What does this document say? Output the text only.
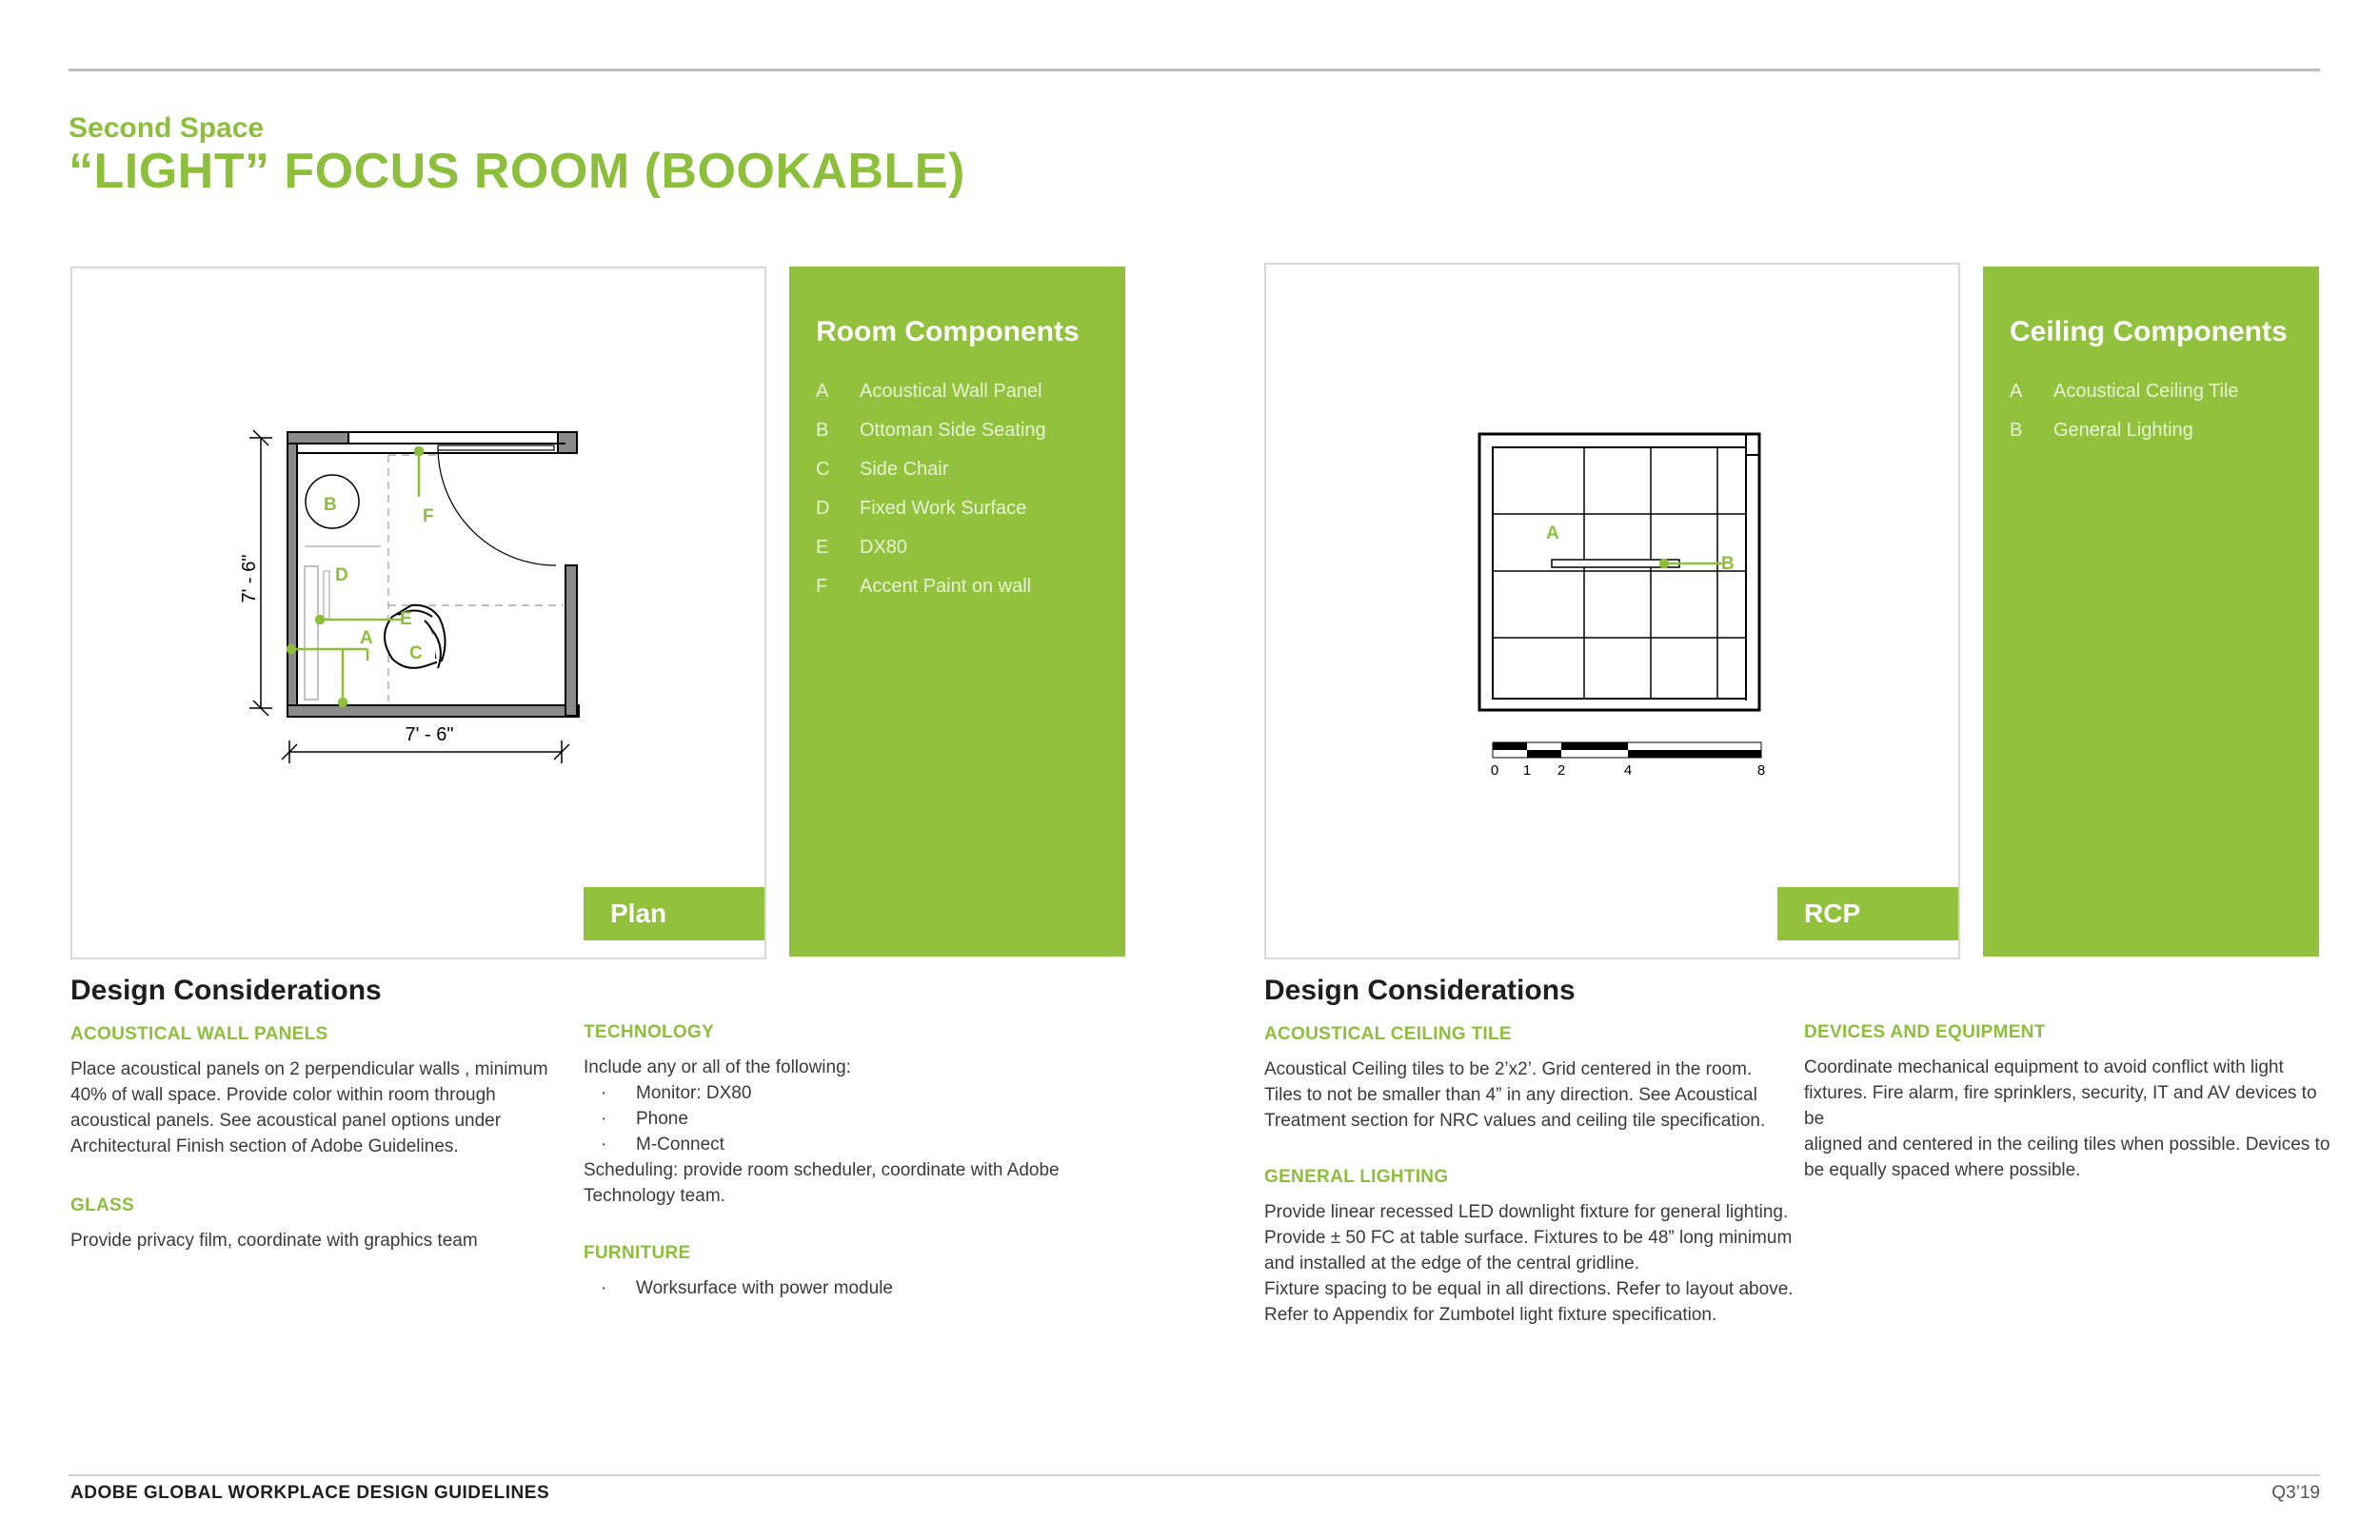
Second Space
“LIGHT” FOCUS ROOM (BOOKABLE)
7' - 6"
7' - 6"
A
B
C
D
E
F
Plan
Room Components
A	Acoustical Wall Panel
B	Ottoman Side Seating
C	Side Chair
D	Fixed Work Surface
E	DX80
F	Accent Paint on wall
A
B
0 1 2	4	8
RCP
Ceiling Components
A	Acoustical Ceiling Tile
B	General Lighting
Design Considerations
ACOUSTICAL WALL PANELS
Place acoustical panels on 2 perpendicular walls , minimum
40% of wall space. Provide color within room through
acoustical panels. See acoustical panel options under
Architectural Finish section of Adobe Guidelines.
GLASS
Provide privacy film, coordinate with graphics team
TECHNOLOGY
Include any or all of the following:
·	Monitor: DX80
·	Phone
·	M-Connect
Scheduling: provide room scheduler, coordinate with Adobe
Technology team.
FURNITURE
·	Worksurface with power module
Design Considerations
ACOUSTICAL CEILING TILE
Acoustical Ceiling tiles to be 2’x2’. Grid centered in the room.
Tiles to not be smaller than 4” in any direction. See Acoustical
Treatment section for NRC values and ceiling tile specification.
GENERAL LIGHTING
Provide linear recessed LED downlight fixture for general lighting.
Provide ± 50 FC at table surface. Fixtures to be 48” long minimum
and installed at the edge of the central gridline.
Fixture spacing to be equal in all directions. Refer to layout above.
Refer to Appendix for Zumbotel light fixture specification.
DEVICES AND EQUIPMENT
Coordinate mechanical equipment to avoid conflict with light
fixtures. Fire alarm, fire sprinklers, security, IT and AV devices to be
aligned and centered in the ceiling tiles when possible. Devices to
be equally spaced where possible.
ADOBE GLOBAL WORKPLACE DESIGN GUIDELINES	Q3’19
